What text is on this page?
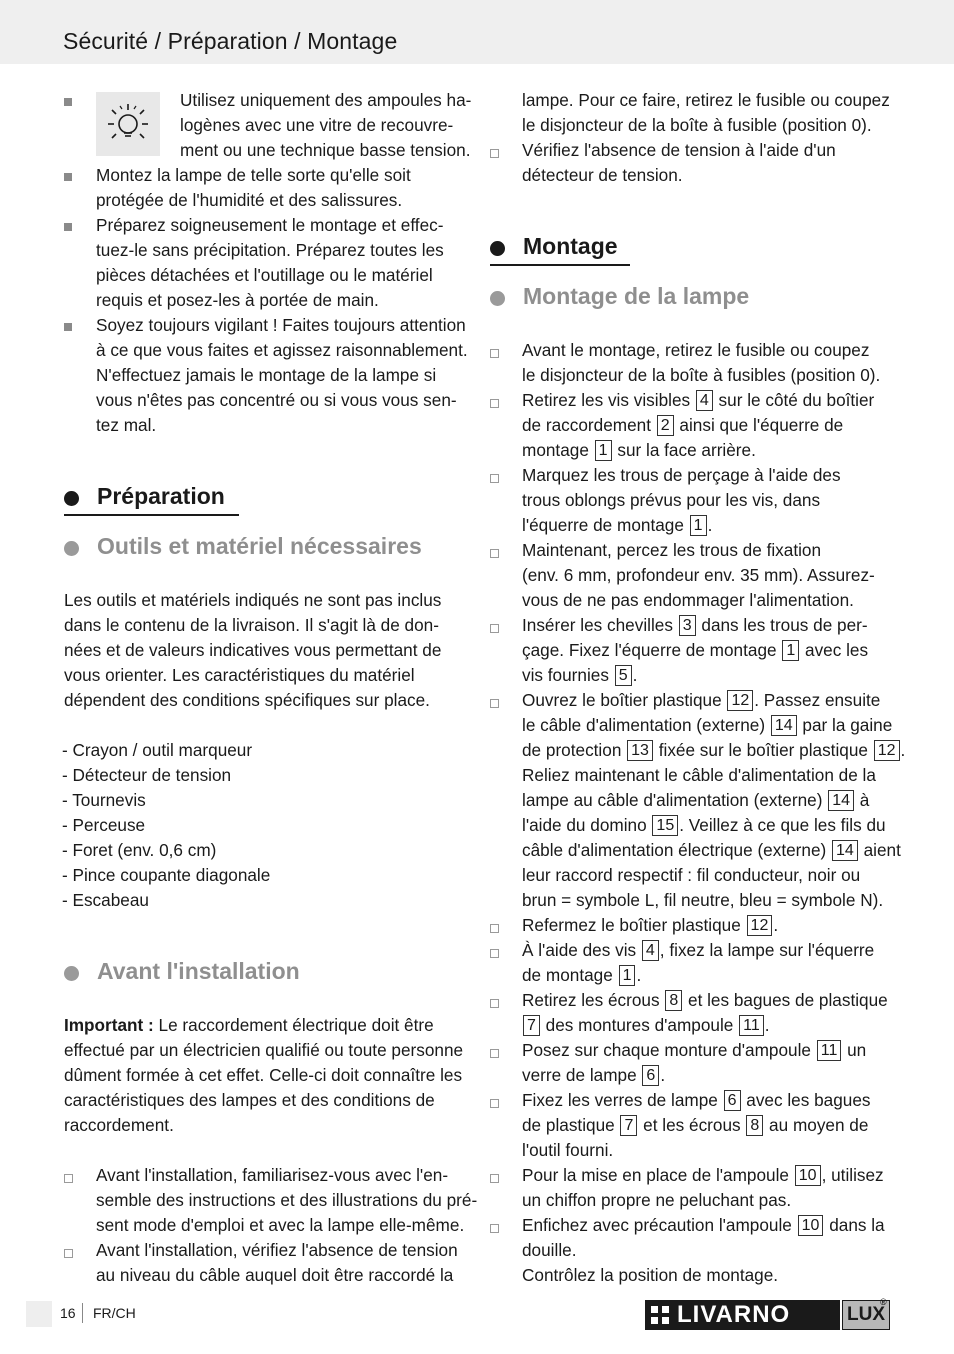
Sécurité / Préparation / Montage
Utilisez uniquement des ampoules ha-
logènes avec une vitre de recouvre-
ment ou une technique basse tension.
Montez la lampe de telle sorte qu'elle soit
protégée de l'humidité et des salissures.
Préparez soigneusement le montage et effec-
tuez-le sans précipitation. Préparez toutes les
pièces détachées et l'outillage ou le matériel
requis et posez-les à portée de main.
Soyez toujours vigilant ! Faites toujours attention
à ce que vous faites et agissez raisonnablement.
N'effectuez jamais le montage de la lampe si
vous n'êtes pas concentré ou si vous vous sen-
tez mal.
Préparation
Outils et matériel nécessaires
Les outils et matériels indiqués ne sont pas inclus
dans le contenu de la livraison. Il s'agit là de don-
nées et de valeurs indicatives vous permettant de
vous orienter. Les caractéristiques du matériel
dépendent des conditions spécifiques sur place.
- Crayon / outil marqueur
- Détecteur de tension
- Tournevis
- Perceuse
- Foret (env. 0,6 cm)
- Pince coupante diagonale
- Escabeau
Avant l'installation
Important : Le raccordement électrique doit être
effectué par un électricien qualifié ou toute personne
dûment formée à cet effet. Celle-ci doit connaître les
caractéristiques des lampes et des conditions de
raccordement.
Avant l'installation, familiarisez-vous avec l'en-
semble des instructions et des illustrations du pré-
sent mode d'emploi et avec la lampe elle-même.
Avant l'installation, vérifiez l'absence de tension
au niveau du câble auquel doit être raccordé la
lampe. Pour ce faire, retirez le fusible ou coupez
le disjoncteur de la boîte à fusible (position 0).
Vérifiez l'absence de tension à l'aide d'un
détecteur de tension.
Montage
Montage de la lampe
Avant le montage, retirez le fusible ou coupez
le disjoncteur de la boîte à fusibles (position 0).
Retirez les vis visibles 4 sur le côté du boîtier
de raccordement 2 ainsi que l'équerre de
montage 1 sur la face arrière.
Marquez les trous de perçage à l'aide des
trous oblongs prévus pour les vis, dans
l'équerre de montage 1 .
Maintenant, percez les trous de fixation
(env. 6 mm, profondeur env. 35 mm). Assurez-
vous de ne pas endommager l'alimentation.
Insérer les chevilles 3 dans les trous de per-
çage. Fixez l'équerre de montage 1 avec les
vis fournies 5 .
Ouvrez le boîtier plastique 12 . Passez ensuite
le câble d'alimentation (externe) 14 par la gaine
de protection 13 fixée sur le boîtier plastique 12 .
Reliez maintenant le câble d'alimentation de la
lampe au câble d'alimentation (externe) 14 à
l'aide du domino 15 . Veillez à ce que les fils du
câble d'alimentation électrique (externe) 14 aient
leur raccord respectif : fil conducteur, noir ou
brun = symbole L, fil neutre, bleu = symbole N).
Refermez le boîtier plastique 12 .
À l'aide des vis 4 , fixez la lampe sur l'équerre
de montage 1 .
Retirez les écrous 8 et les bagues de plastique
7 des montures d'ampoule 11 .
Posez sur chaque monture d'ampoule 11 un
verre de lampe 6 .
Fixez les verres de lampe 6 avec les bagues
de plastique 7 et les écrous 8 au moyen de
l'outil fourni.
Pour la mise en place de l'ampoule 10 , utilisez
un chiffon propre ne peluchant pas.
Enfichez avec précaution l'ampoule 10 dans la
douille.
Contrôlez la position de montage.
16 FR/CH	LIVARNO	LUX
®
